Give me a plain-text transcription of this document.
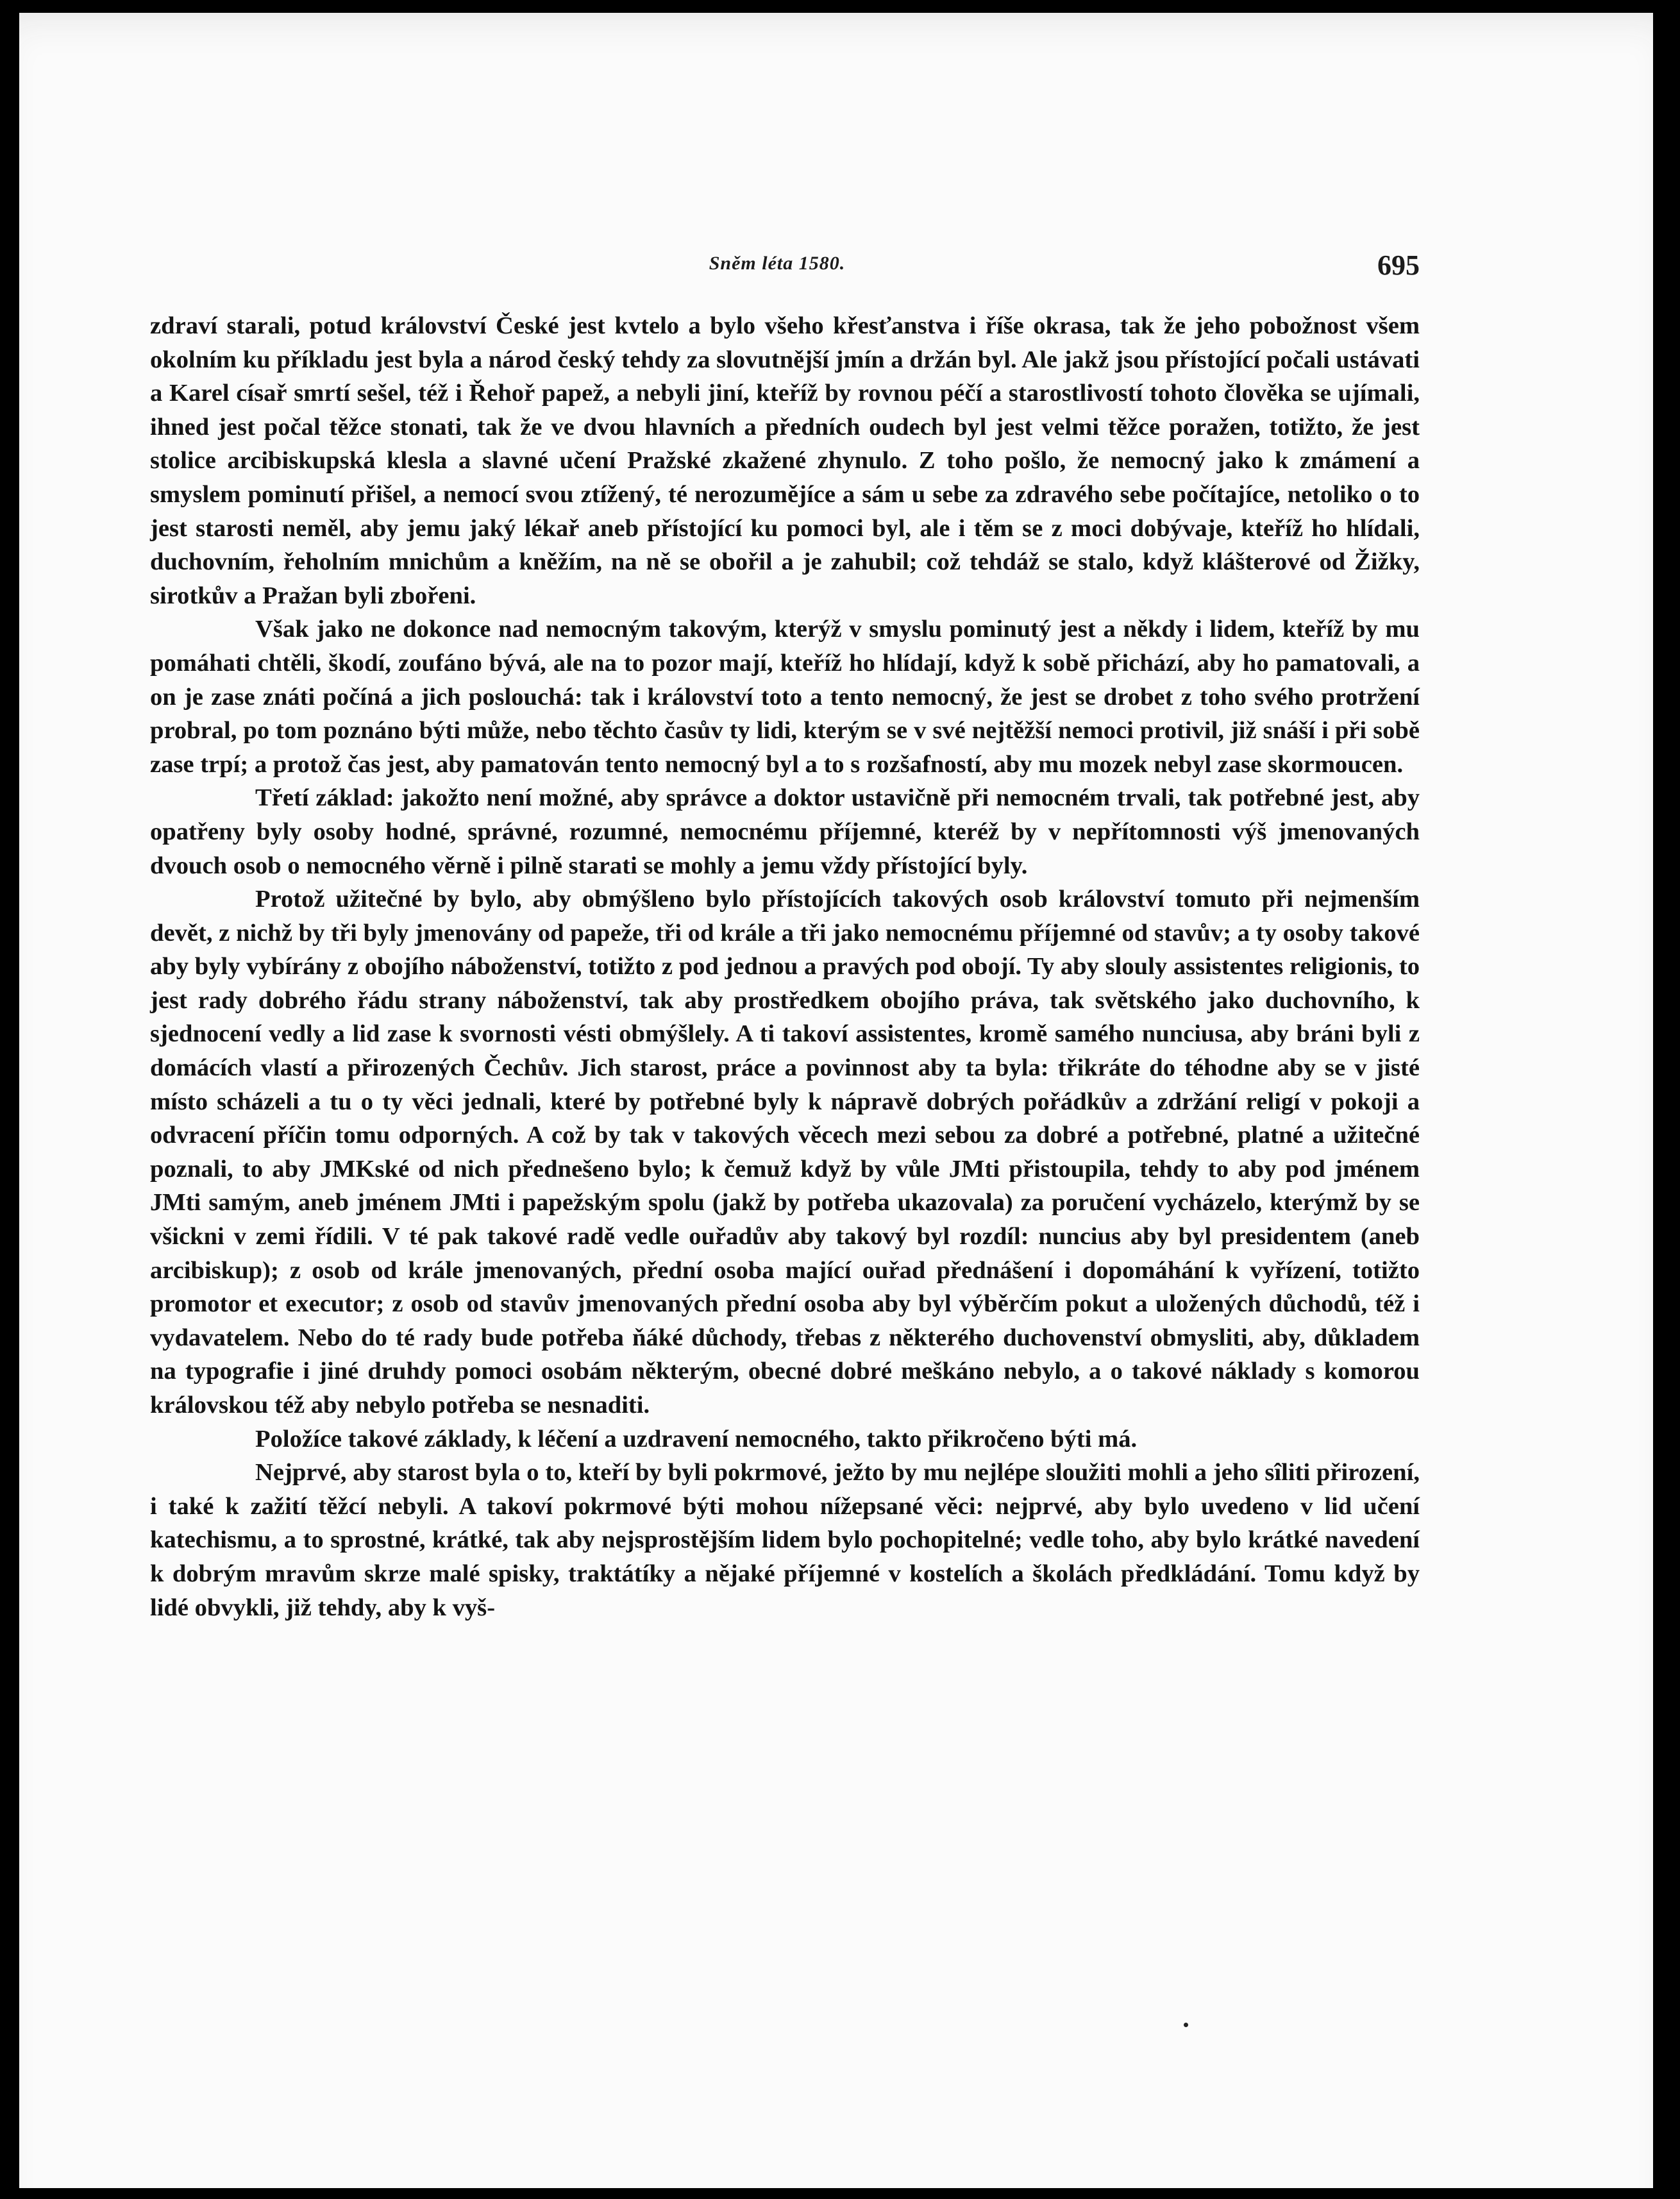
Sněm léta 1580.	695

zdraví starali, potud království České jest kvtelo a bylo všeho křesťanstva i říše okrasa, tak že jeho pobožnost všem okolním ku příkladu jest byla a národ český tehdy za slovutnější jmín a držán byl. Ale jakž jsou přístojící počali ustávati a Karel císař smrtí sešel, též i Řehoř papež, a nebyli jiní, kteříž by rovnou péčí a starostlivostí tohoto člověka se ujímali, ihned jest počal těžce stonati, tak že ve dvou hlavních a předních oudech byl jest velmi těžce poražen, totižto, že jest stolice arcibiskupská klesla a slavné učení Pražské zkažené zhynulo. Z toho pošlo, že nemocný jako k zmámení a smyslem pominutí přišel, a nemocí svou ztížený, té nerozumějíce a sám u sebe za zdravého sebe počítajíce, netoliko o to jest starosti neměl, aby jemu jaký lékař aneb přístojící ku pomoci byl, ale i těm se z moci dobývaje, kteříž ho hlídali, duchovním, řeholním mnichům a kněžím, na ně se obořil a je zahubil; což tehdáž se stalo, když klášterové od Žižky, sirotkův a Pražan byli zbořeni.

Však jako ne dokonce nad nemocným takovým, kterýž v smyslu pominutý jest a někdy i lidem, kteříž by mu pomáhati chtěli, škodí, zoufáno bývá, ale na to pozor mají, kteříž ho hlídají, když k sobě přichází, aby ho pamatovali, a on je zase znáti počíná a jich poslouchá: tak i království toto a tento nemocný, že jest se drobet z toho svého protržení probral, po tom poznáno býti může, nebo těchto časův ty lidi, kterým se v své nejtěžší nemoci protivil, již snáší i při sobě zase trpí; a protož čas jest, aby pamatován tento nemocný byl a to s rozšafností, aby mu mozek nebyl zase skormoucen.

Třetí základ: jakožto není možné, aby správce a doktor ustavičně při nemocném trvali, tak potřebné jest, aby opatřeny byly osoby hodné, správné, rozumné, nemocnému příjemné, kteréž by v nepřítomnosti výš jmenovaných dvouch osob o nemocného věrně i pilně starati se mohly a jemu vždy přístojící byly.

Protož užitečné by bylo, aby obmýšleno bylo přístojících takových osob království tomuto při nejmenším devět, z nichž by tři byly jmenovány od papeže, tři od krále a tři jako nemocnému příjemné od stavův; a ty osoby takové aby byly vybírány z obojího náboženství, totižto z pod jednou a pravých pod obojí. Ty aby slouly assistentes religionis, to jest rady dobrého řádu strany náboženství, tak aby prostředkem obojího práva, tak světského jako duchovního, k sjednocení vedly a lid zase k svornosti vésti obmýšlely. A ti takoví assistentes, kromě samého nunciusa, aby bráni byli z domácích vlastí a přirozených Čechův. Jich starost, práce a povinnost aby ta byla: třikráte do téhodne aby se v jisté místo scházeli a tu o ty věci jednali, které by potřebné byly k nápravě dobrých pořádkův a zdržání religí v pokoji a odvracení příčin tomu odporných. A což by tak v takových věcech mezi sebou za dobré a potřebné, platné a užitečné poznali, to aby JMKské od nich přednešeno bylo; k čemuž když by vůle JMti přistoupila, tehdy to aby pod jménem JMti samým, aneb jménem JMti i papežským spolu (jakž by potřeba ukazovala) za poručení vycházelo, kterýmž by se všickni v zemi řídili. V té pak takové radě vedle ouřadův aby takový byl rozdíl: nuncius aby byl presidentem (aneb arcibiskup); z osob od krále jmenovaných, přední osoba mající ouřad přednášení i dopomáhání k vyřízení, totižto promotor et executor; z osob od stavův jmenovaných přední osoba aby byl výběrčím pokut a uložených důchodů, též i vydavatelem. Nebo do té rady bude potřeba ňáké důchody, třebas z některého duchovenství obmysliti, aby, důkladem na typografie i jiné druhdy pomoci osobám některým, obecné dobré meškáno nebylo, a o takové náklady s komorou královskou též aby nebylo potřeba se nesnaditi.

Položíce takové základy, k léčení a uzdravení nemocného, takto přikročeno býti má.

Nejprvé, aby starost byla o to, kteří by byli pokrmové, ježto by mu nejlépe sloužiti mohli a jeho sîliti přirození, i také k zažití těžcí nebyli. A takoví pokrmové býti mohou nížepsané věci: nejprvé, aby bylo uvedeno v lid učení katechismu, a to sprostné, krátké, tak aby nejsprostějším lidem bylo pochopitelné; vedle toho, aby bylo krátké navedení k dobrým mravům skrze malé spisky, traktátíky a nějaké příjemné v kostelích a školách předkládání. Tomu když by lidé obvykli, již tehdy, aby k vyš-
